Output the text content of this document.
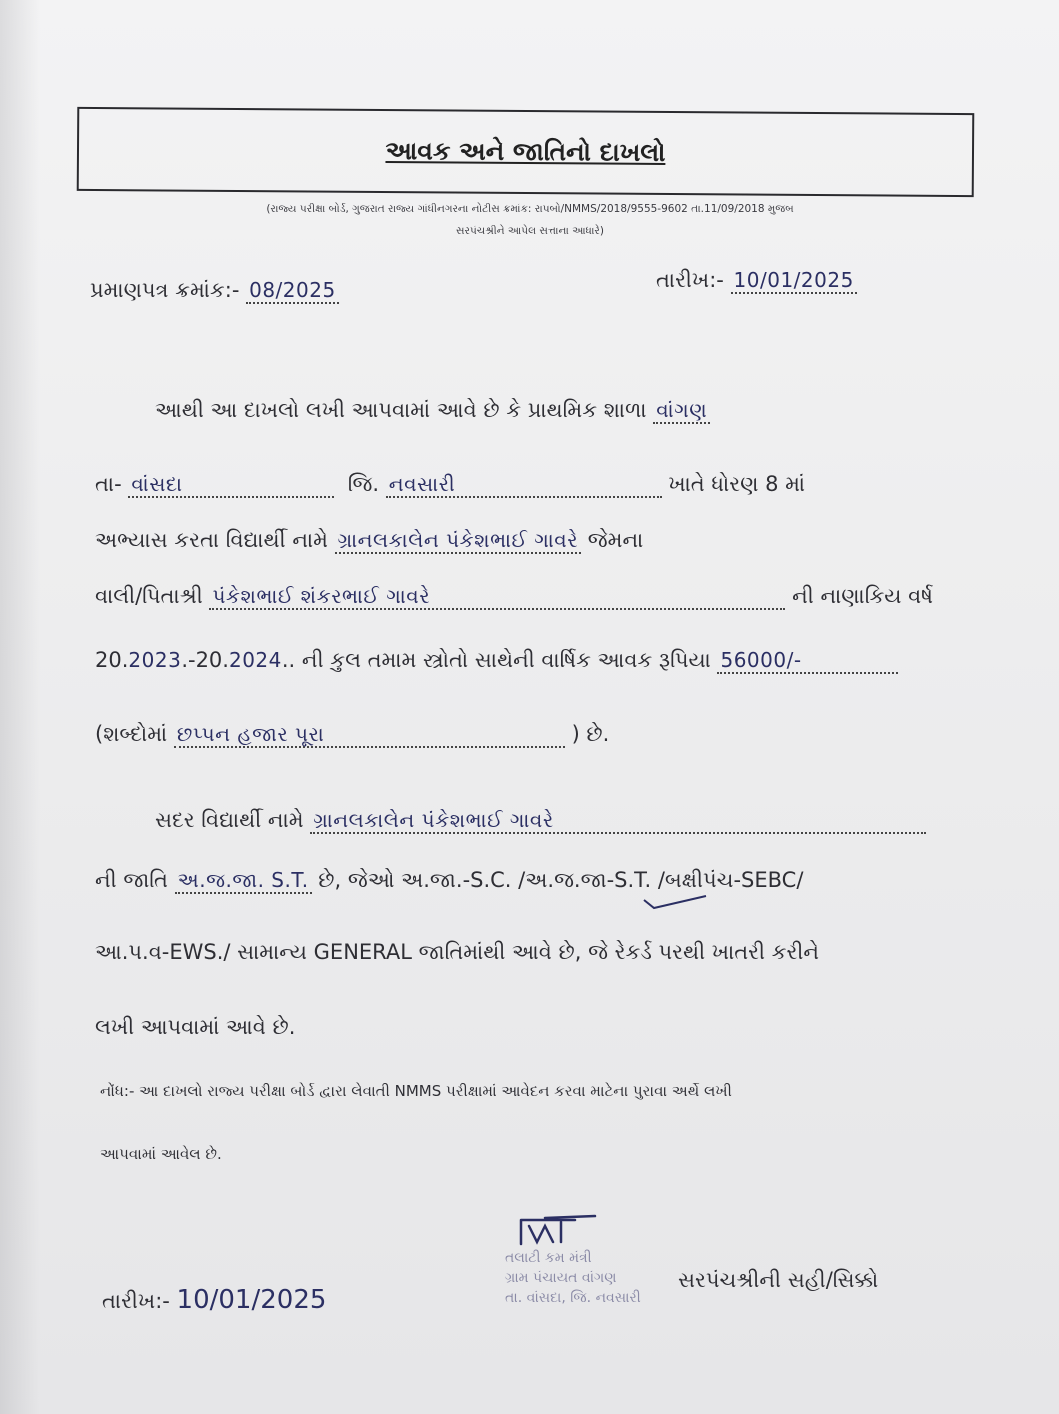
આવક અને જાતિનો દાખલો
(રાજ્ય પરીક્ષા બોર્ડ, ગુજરાત રાજ્ય ગાંધીનગરના નોટીસ ક્રમાંક: રાપબો/NMMS/2018/9555-9602 તા.11/09/2018 મુજબ
સરપંચશ્રીને આપેલ સત્તાના આધારે)
પ્રમાણપત્ર ક્રમાંક:- 08/2025	તારીખ:- 10/01/2025
આથી આ દાખલો લખી આપવામાં આવે છે કે પ્રાથમિક શાળા વાંગણ
તા- વાંસદા	જિ. નવસારી	ખાતે ધોરણ 8 માં
અભ્યાસ કરતા વિદ્યાર્થી નામે ગ્રાનલકાલેન પંકેશભાઈ ગાવરે જેમના
વાલી/પિતાશ્રી પંકેશભાઈ શંકરભાઈ ગાવરે	ની નાણાકિય વર્ષ
20.2023.-20.2024.. ની કુલ તમામ સ્ત્રોતો સાથેની વાર્ષિક આવક રૂપિયા 56000/-
(શબ્દોમાં છપ્પન હજાર પૂરા	) છે.
સદર વિદ્યાર્થી નામે ગ્રાનલકાલેન પંકેશભાઈ ગાવરે
ની જાતિ અ.જ.જા. S.T. છે, જેઓ અ.જા.-S.C. /અ.જ.જા-S.T. /બક્ષીપંચ-SEBC/
આ.પ.વ-EWS./ સામાન્ય GENERAL જાતિમાંથી આવે છે, જે રેકર્ડ પરથી ખાતરી કરીને
લખી આપવામાં આવે છે.
નોંધ:- આ દાખલો રાજ્ય પરીક્ષા બોર્ડ દ્વારા લેવાતી NMMS પરીક્ષામાં આવેદન કરવા માટેના પુરાવા અર્થે લખી
આપવામાં આવેલ છે.
તારીખ:- 10/01/2025
તલાટી કમ મંત્રી
ગ્રામ પંચાયત વાંગણ
તા. વાંસદા, જિ. નવસારી
સરપંચશ્રીની સહી/સિક્કો
